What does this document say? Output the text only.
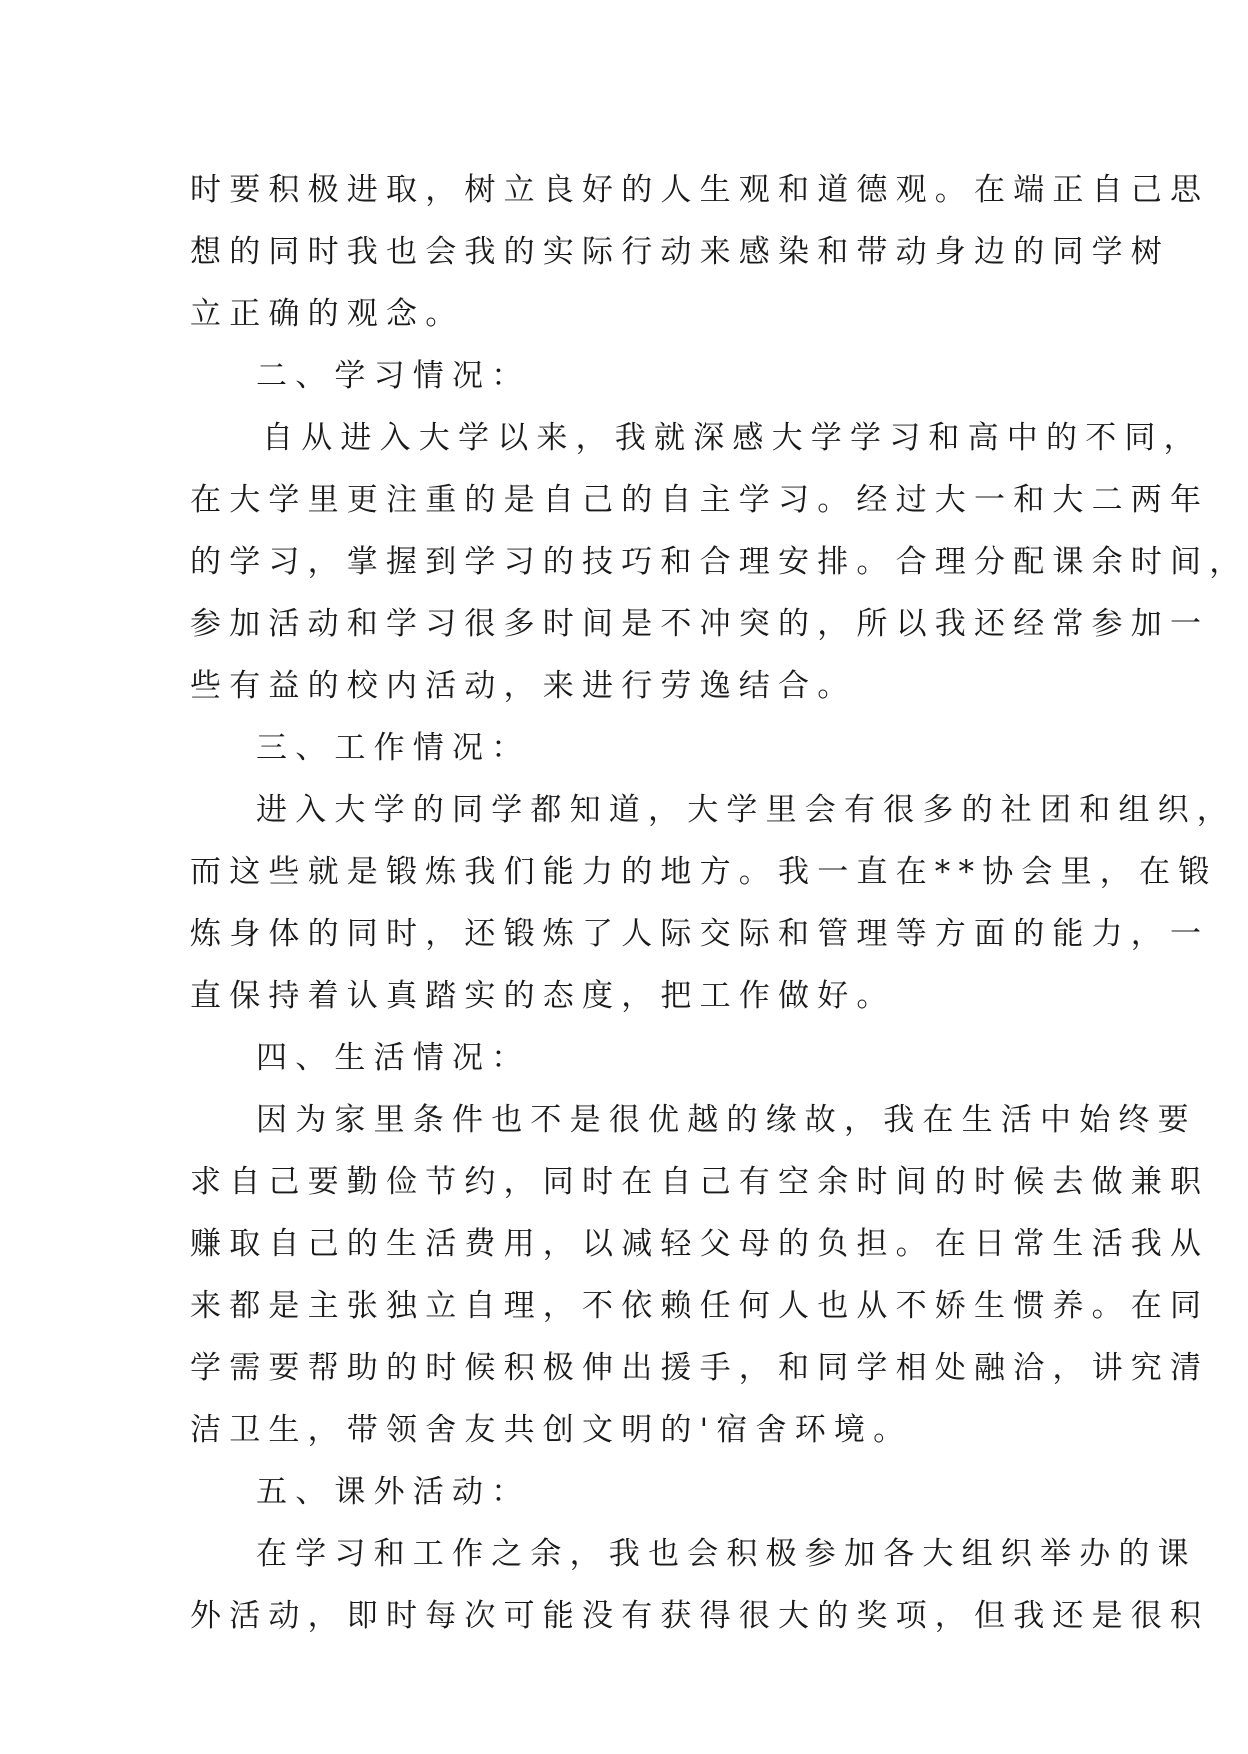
时要积极进取，树立良好的人生观和道德观。在端正自己思
想的同时我也会我的实际行动来感染和带动身边的同学树
立正确的观念。
二、学习情况：
自从进入大学以来，我就深感大学学习和高中的不同，
在大学里更注重的是自己的自主学习。经过大一和大二两年
的学习，掌握到学习的技巧和合理安排。合理分配课余时间，
参加活动和学习很多时间是不冲突的，所以我还经常参加一
些有益的校内活动，来进行劳逸结合。
三、工作情况：
进入大学的同学都知道，大学里会有很多的社团和组织，
而这些就是锻炼我们能力的地方。我一直在**协会里，在锻
炼身体的同时，还锻炼了人际交际和管理等方面的能力，一
直保持着认真踏实的态度，把工作做好。
四、生活情况：
因为家里条件也不是很优越的缘故，我在生活中始终要
求自己要勤俭节约，同时在自己有空余时间的时候去做兼职
赚取自己的生活费用，以减轻父母的负担。在日常生活我从
来都是主张独立自理，不依赖任何人也从不娇生惯养。在同
学需要帮助的时候积极伸出援手，和同学相处融洽，讲究清
洁卫生，带领舍友共创文明的'宿舍环境。
五、课外活动：
在学习和工作之余，我也会积极参加各大组织举办的课
外活动，即时每次可能没有获得很大的奖项，但我还是很积
